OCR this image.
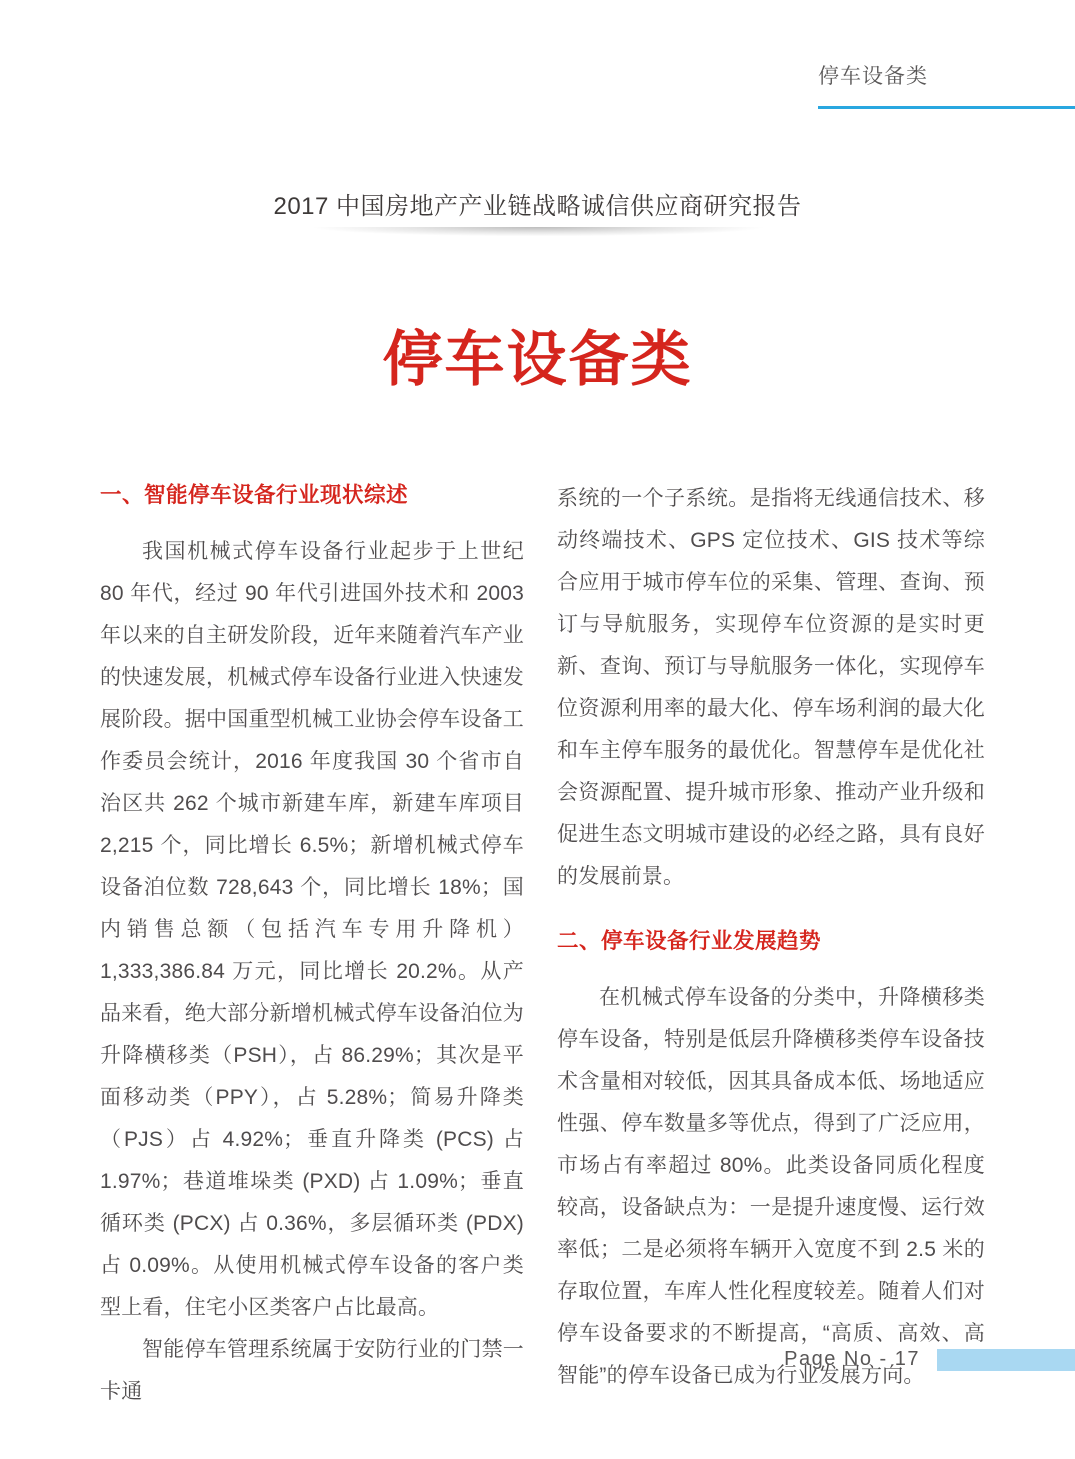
停车设备类
2017 中国房地产产业链战略诚信供应商研究报告
停车设备类
一、智能停车设备行业现状综述

我国机械式停车设备行业起步于上世纪 80 年代，经过 90 年代引进国外技术和 2003 年以来的自主研发阶段，近年来随着汽车产业的快速发展，机械式停车设备行业进入快速发展阶段。据中国重型机械工业协会停车设备工作委员会统计，2016 年度我国 30 个省市自治区共 262 个城市新建车库，新建车库项目 2,215 个，同比增长 6.5%；新增机械式停车设备泊位数 728,643 个，同比增长 18%；国内销售总额（包括汽车专用升降机）1,333,386.84 万元，同比增长 20.2%。从产品来看，绝大部分新增机械式停车设备泊位为升降横移类（PSH），占 86.29%；其次是平面移动类（PPY），占 5.28%；简易升降类（PJS）占 4.92%；垂直升降类 (PCS) 占 1.97%；巷道堆垛类 (PXD) 占 1.09%；垂直循环类 (PCX) 占 0.36%，多层循环类 (PDX) 占 0.09%。从使用机械式停车设备的客户类型上看，住宅小区类客户占比最高。

智能停车管理系统属于安防行业的门禁一卡通

系统的一个子系统。是指将无线通信技术、移动终端技术、GPS 定位技术、GIS 技术等综合应用于城市停车位的采集、管理、查询、预订与导航服务，实现停车位资源的是实时更新、查询、预订与导航服务一体化，实现停车位资源利用率的最大化、停车场利润的最大化和车主停车服务的最优化。智慧停车是优化社会资源配置、提升城市形象、推动产业升级和促进生态文明城市建设的必经之路，具有良好的发展前景。

二、停车设备行业发展趋势

在机械式停车设备的分类中，升降横移类停车设备，特别是低层升降横移类停车设备技术含量相对较低，因其具备成本低、场地适应性强、停车数量多等优点，得到了广泛应用，市场占有率超过 80%。此类设备同质化程度较高，设备缺点为：一是提升速度慢、运行效率低；二是必须将车辆开入宽度不到 2.5 米的存取位置，车库人性化程度较差。随着人们对停车设备要求的不断提高，“高质、高效、高智能”的停车设备已成为行业发展方向。

Page No - 17
